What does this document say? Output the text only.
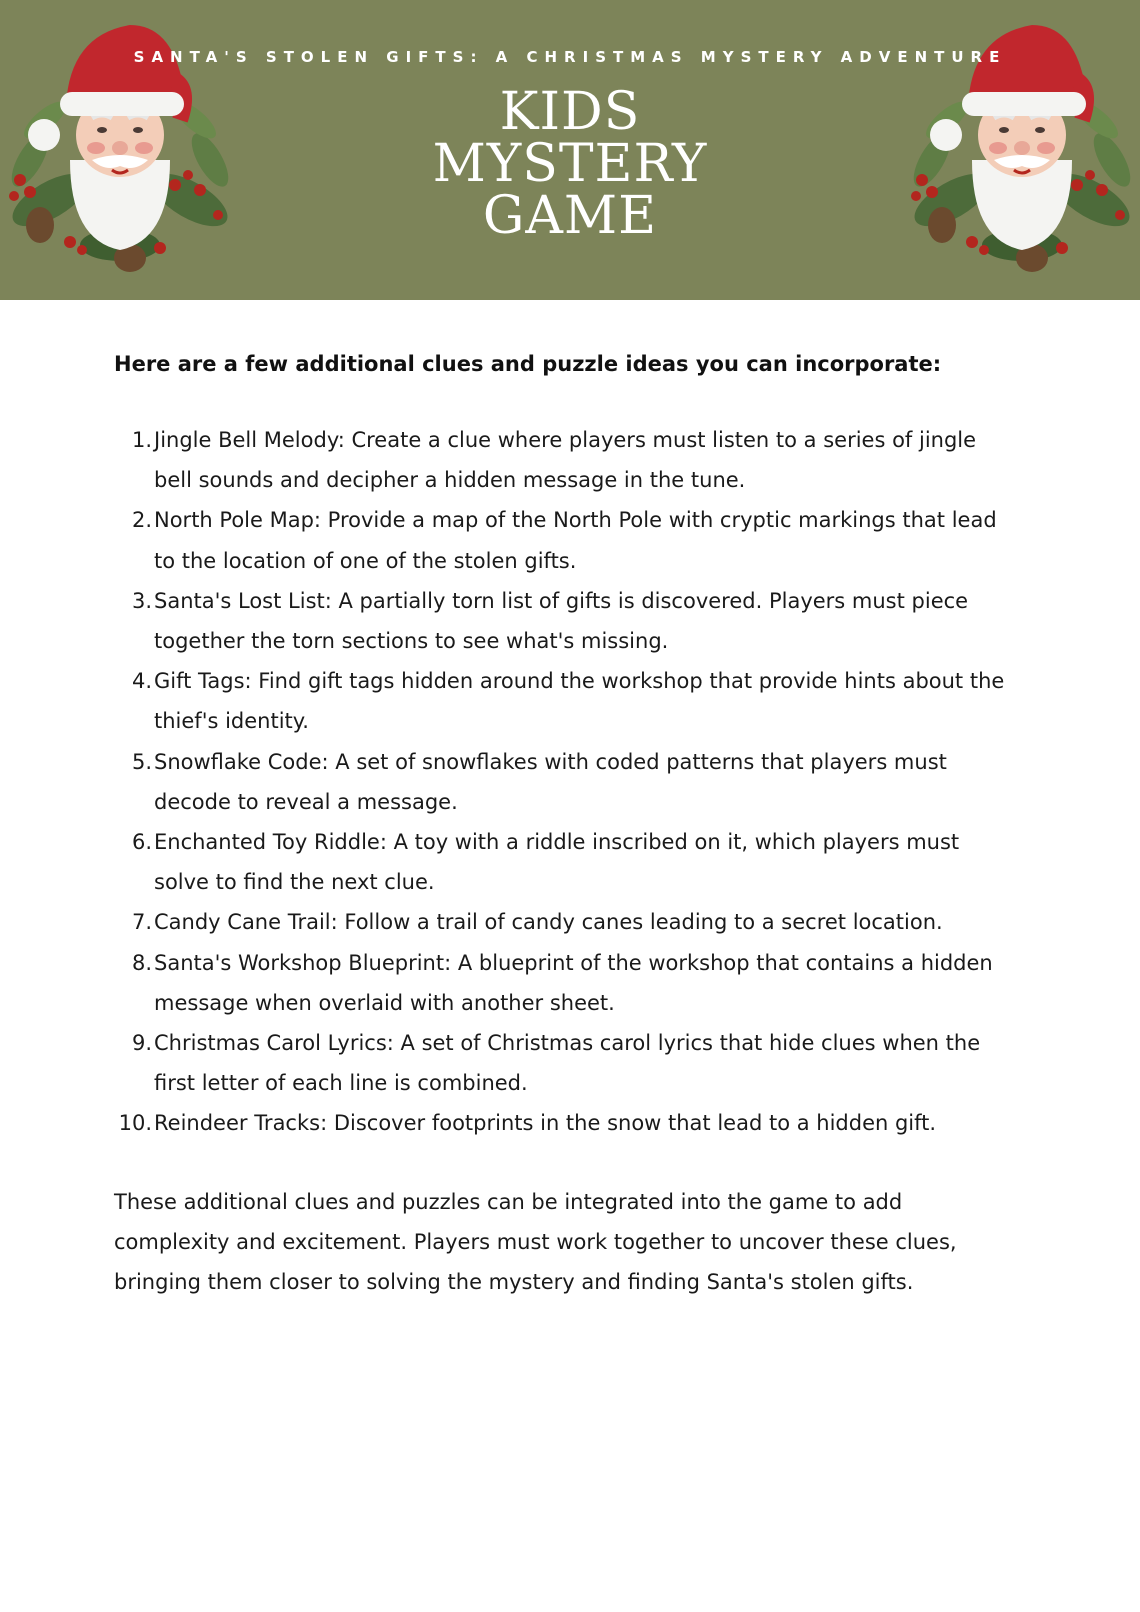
SANTA'S STOLEN GIFTS: A CHRISTMAS MYSTERY ADVENTURE
KIDS
MYSTERY
GAME

Here are a few additional clues and puzzle ideas you can incorporate:

1. Jingle Bell Melody: Create a clue where players must listen to a series of jingle bell sounds and decipher a hidden message in the tune.
2. North Pole Map: Provide a map of the North Pole with cryptic markings that lead to the location of one of the stolen gifts.
3. Santa's Lost List: A partially torn list of gifts is discovered. Players must piece together the torn sections to see what's missing.
4. Gift Tags: Find gift tags hidden around the workshop that provide hints about the thief's identity.
5. Snowflake Code: A set of snowflakes with coded patterns that players must decode to reveal a message.
6. Enchanted Toy Riddle: A toy with a riddle inscribed on it, which players must solve to find the next clue.
7. Candy Cane Trail: Follow a trail of candy canes leading to a secret location.
8. Santa's Workshop Blueprint: A blueprint of the workshop that contains a hidden message when overlaid with another sheet.
9. Christmas Carol Lyrics: A set of Christmas carol lyrics that hide clues when the first letter of each line is combined.
10. Reindeer Tracks: Discover footprints in the snow that lead to a hidden gift.

These additional clues and puzzles can be integrated into the game to add complexity and excitement. Players must work together to uncover these clues, bringing them closer to solving the mystery and finding Santa's stolen gifts.
